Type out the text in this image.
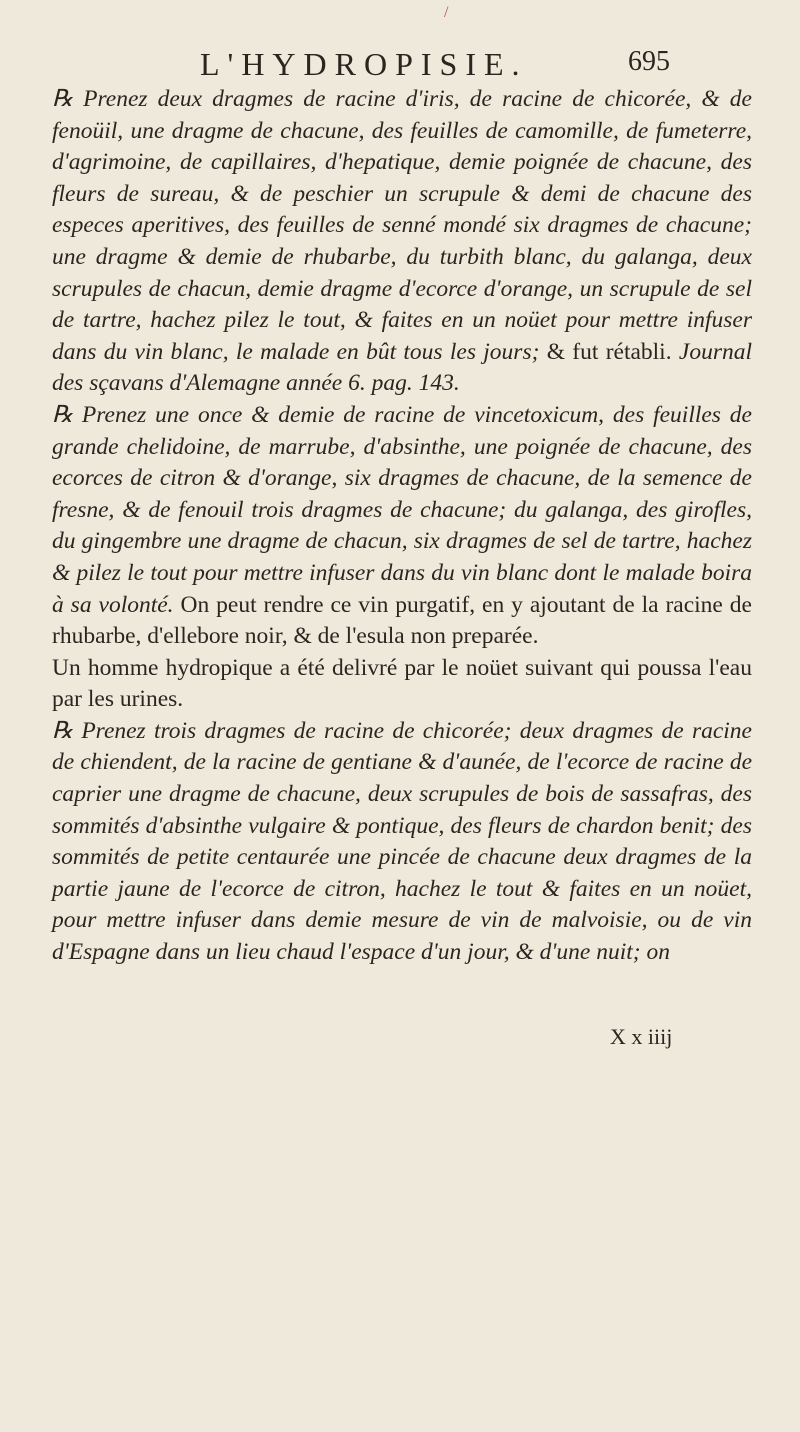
/
L'HYDROPISIE.	695

℞ Prenez deux dragmes de racine d'iris, de racine de chicorée, & de fenoüil, une dragme de chacune, des feuilles de camomille, de fumeterre, d'agrimoine, de capillaires, d'hepatique, demie poignée de chacune, des fleurs de sureau, & de peschier un scrupule & demi de chacune des especes aperitives, des feuilles de senné mondé six dragmes de chacune; une dragme & demie de rhubarbe, du turbith blanc, du galanga, deux scrupules de chacun, demie dragme d'ecorce d'orange, un scrupule de sel de tartre, hachez pilez le tout, & faites en un noüet pour mettre infuser dans du vin blanc, le malade en bût tous les jours; & fut rétabli. Journal des sçavans d'Alemagne année 6. pag. 143.

℞ Prenez une once & demie de racine de vincetoxicum, des feuilles de grande chelidoine, de marrube, d'absinthe, une poignée de chacune, des ecorces de citron & d'orange, six dragmes de chacune, de la semence de fresne, & de fenouil trois dragmes de chacune; du galanga, des girofles, du gingembre une dragme de chacun, six dragmes de sel de tartre, hachez & pilez le tout pour mettre infuser dans du vin blanc dont le malade boira à sa volonté. On peut rendre ce vin purgatif, en y ajoutant de la racine de rhubarbe, d'ellebore noir, & de l'esula non preparée.

Un homme hydropique a été delivré par le noüet suivant qui poussa l'eau par les urines.

℞ Prenez trois dragmes de racine de chicorée; deux dragmes de racine de chiendent, de la racine de gentiane & d'aunée, de l'ecorce de racine de caprier une dragme de chacune, deux scrupules de bois de sassafras, des sommités d'absinthe vulgaire & pontique, des fleurs de chardon benit; des sommités de petite centaurée une pincée de chacune deux dragmes de la partie jaune de l'ecorce de citron, hachez le tout & faites en un noüet, pour mettre infuser dans demie mesure de vin de malvoisie, ou de vin d'Espagne dans un lieu chaud l'espace d'un jour, & d'une nuit; on

X x iiij
